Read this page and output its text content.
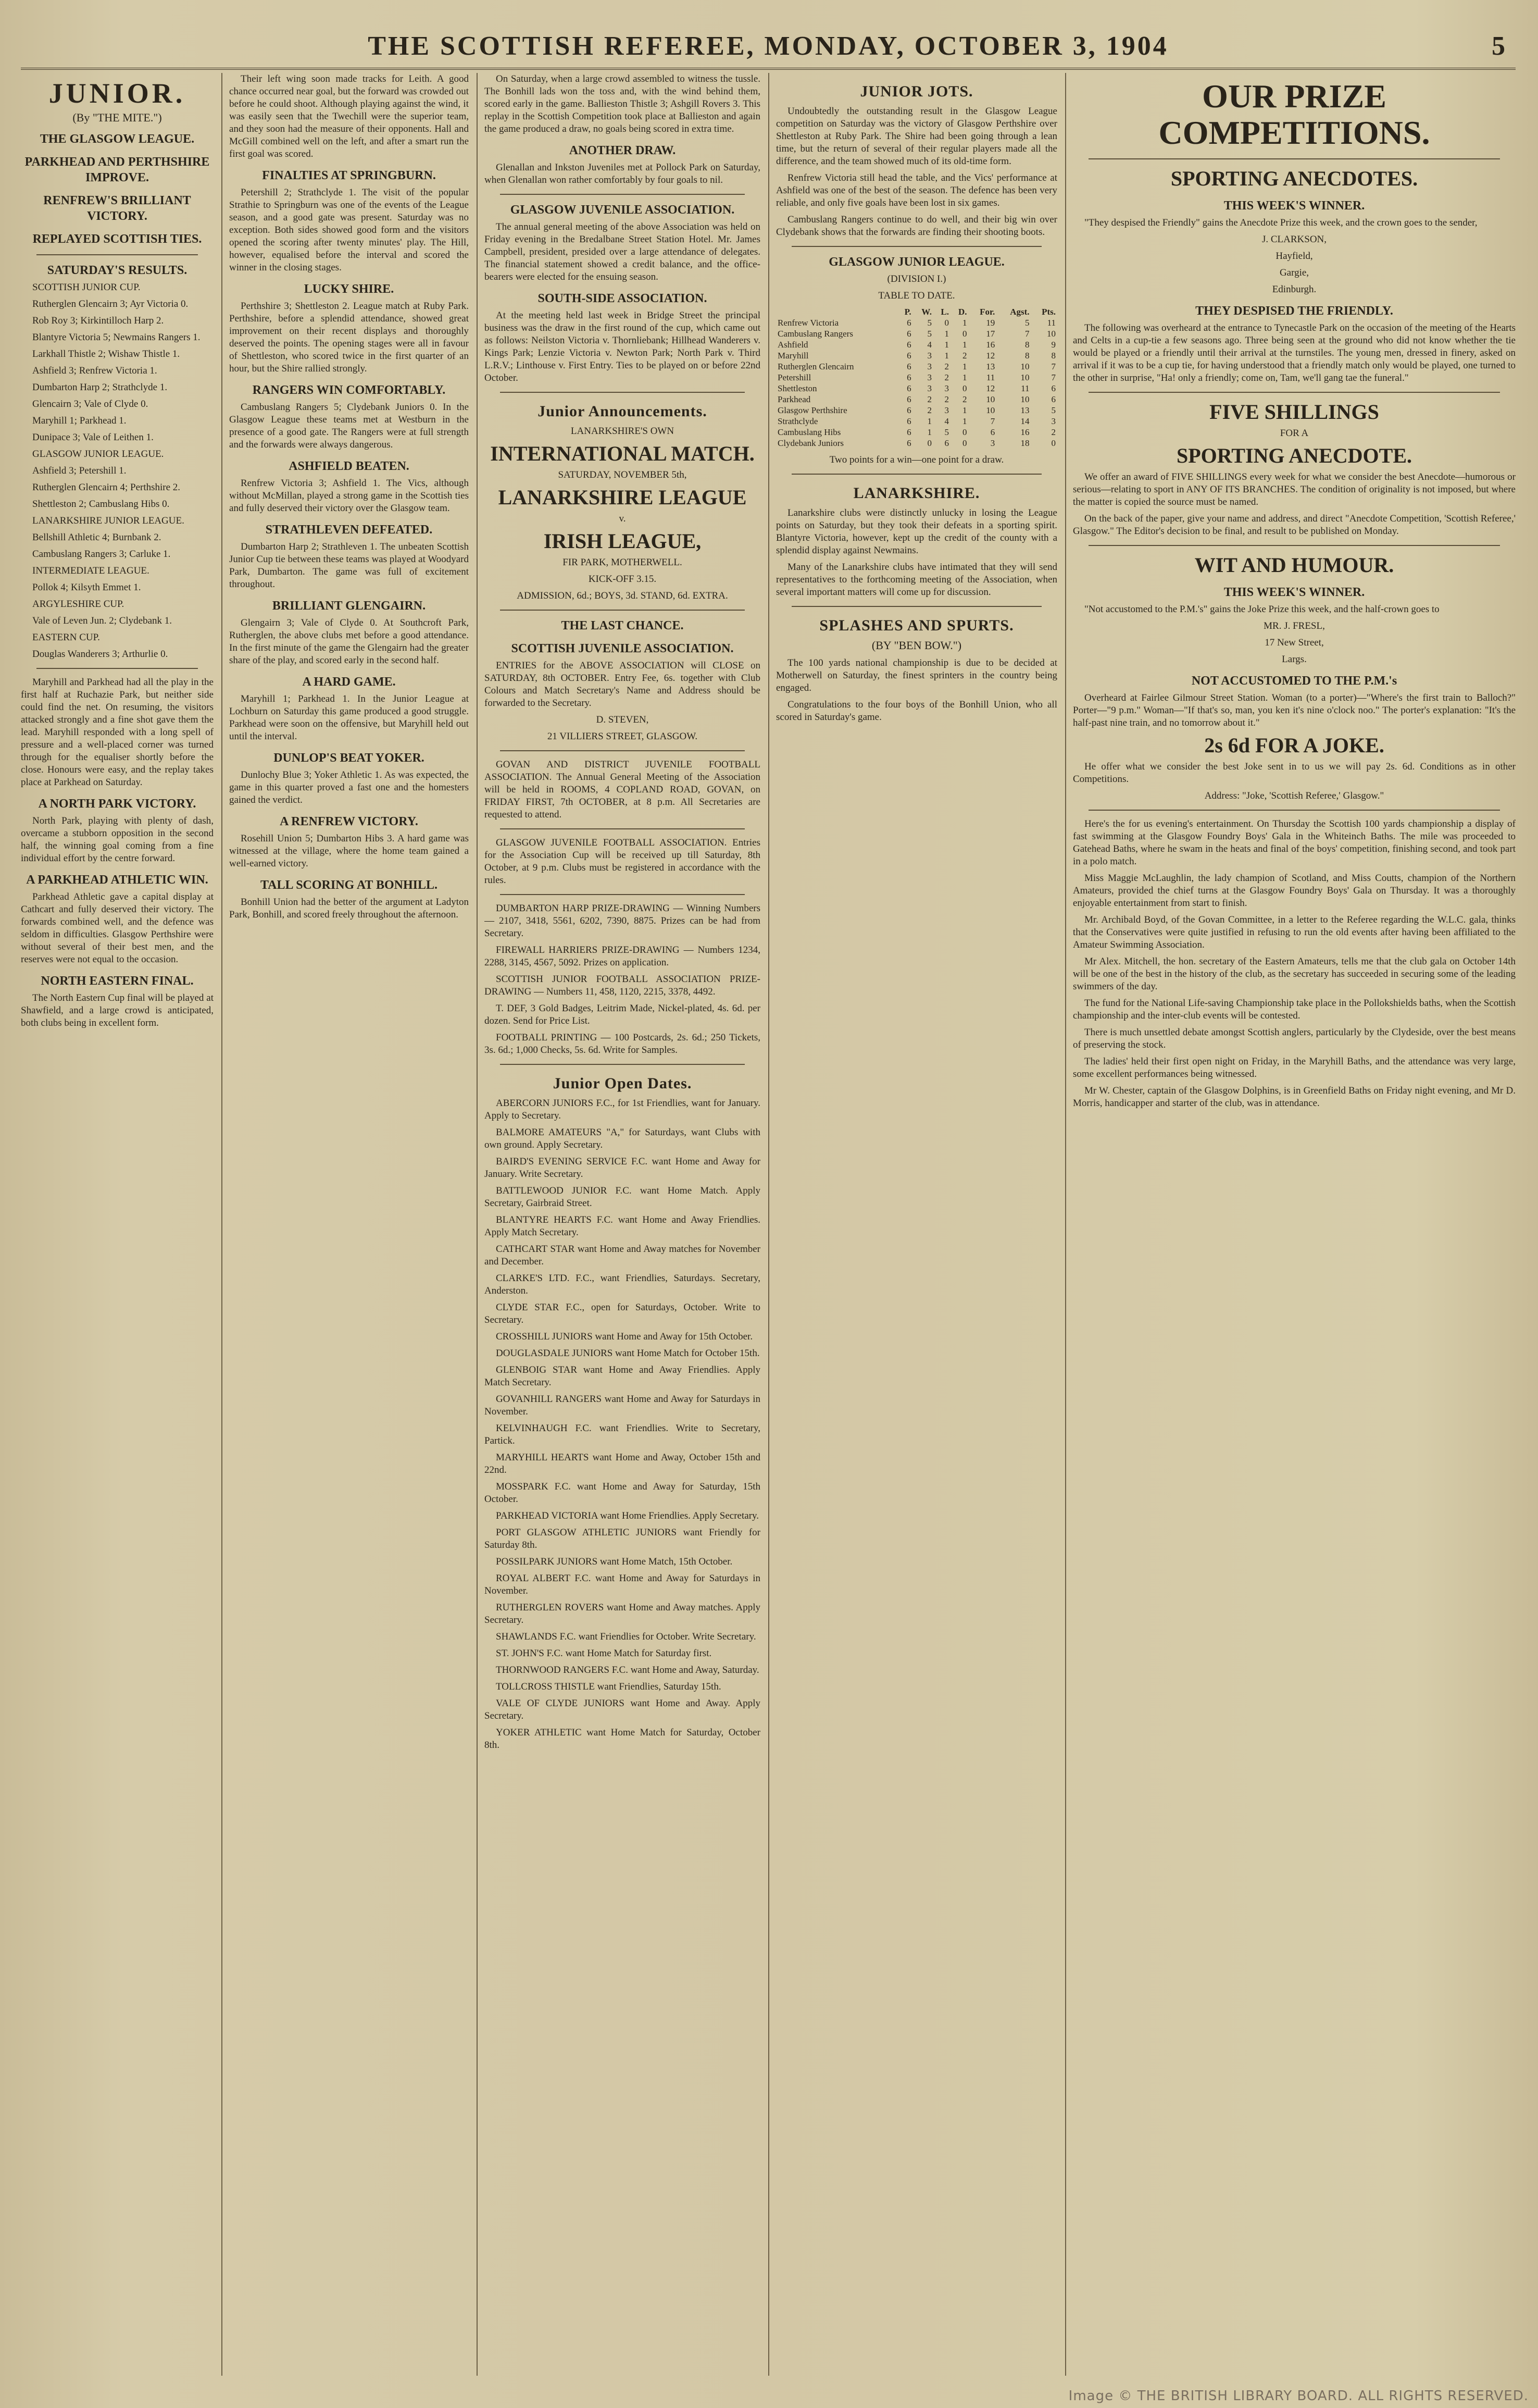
THE SCOTTISH REFEREE, MONDAY, OCTOBER 3, 1904	5
JUNIOR.
(By "THE MITE.")
THE GLASGOW LEAGUE.
PARKHEAD AND PERTHSHIRE IMPROVE.
RENFREW'S BRILLIANT VICTORY.
REPLAYED SCOTTISH TIES.
SATURDAY'S RESULTS.

SCOTTISH JUNIOR CUP.

Rutherglen Glencairn 3; Ayr Victoria 0.

Rob Roy 3; Kirkintilloch Harp 2.

Blantyre Victoria 5; Newmains Rangers 1.

Larkhall Thistle 2; Wishaw Thistle 1.

Ashfield 3; Renfrew Victoria 1.

Dumbarton Harp 2; Strathclyde 1.

Glencairn 3; Vale of Clyde 0.

Maryhill 1; Parkhead 1.

Dunipace 3; Vale of Leithen 1.

GLASGOW JUNIOR LEAGUE.

Ashfield 3; Petershill 1.

Rutherglen Glencairn 4; Perthshire 2.

Shettleston 2; Cambuslang Hibs 0.

LANARKSHIRE JUNIOR LEAGUE.

Bellshill Athletic 4; Burnbank 2.

Cambuslang Rangers 3; Carluke 1.

INTERMEDIATE LEAGUE.

Pollok 4; Kilsyth Emmet 1.

ARGYLESHIRE CUP.

Vale of Leven Jun. 2; Clydebank 1.

EASTERN CUP.

Douglas Wanderers 3; Arthurlie 0.

Maryhill and Parkhead had all the play in the first half at Ruchazie Park, but neither side could find the net. On resuming, the visitors attacked strongly and a fine shot gave them the lead. Maryhill responded with a long spell of pressure and a well-placed corner was turned through for the equaliser shortly before the close. Honours were easy, and the replay takes place at Parkhead on Saturday.

A NORTH PARK VICTORY.

North Park, playing with plenty of dash, overcame a stubborn opposition in the second half, the winning goal coming from a fine individual effort by the centre forward.

A PARKHEAD ATHLETIC WIN.

Parkhead Athletic gave a capital display at Cathcart and fully deserved their victory. The forwards combined well, and the defence was seldom in difficulties. Glasgow Perthshire were without several of their best men, and the reserves were not equal to the occasion.

NORTH EASTERN FINAL.

The North Eastern Cup final will be played at Shawfield, and a large crowd is anticipated, both clubs being in excellent form.

Their left wing soon made tracks for Leith. A good chance occurred near goal, but the forward was crowded out before he could shoot. Although playing against the wind, it was easily seen that the Twechill were the superior team, and they soon had the measure of their opponents. Hall and McGill combined well on the left, and after a smart run the first goal was scored.

FINALTIES AT SPRINGBURN.

Petershill 2; Strathclyde 1. The visit of the popular Strathie to Springburn was one of the events of the League season, and a good gate was present. Saturday was no exception. Both sides showed good form and the visitors opened the scoring after twenty minutes' play. The Hill, however, equalised before the interval and scored the winner in the closing stages.

LUCKY SHIRE.

Perthshire 3; Shettleston 2. League match at Ruby Park. Perthshire, before a splendid attendance, showed great improvement on their recent displays and thoroughly deserved the points. The opening stages were all in favour of Shettleston, who scored twice in the first quarter of an hour, but the Shire rallied strongly.

RANGERS WIN COMFORTABLY.

Cambuslang Rangers 5; Clydebank Juniors 0. In the Glasgow League these teams met at Westburn in the presence of a good gate. The Rangers were at full strength and the forwards were always dangerous.

ASHFIELD BEATEN.

Renfrew Victoria 3; Ashfield 1. The Vics, although without McMillan, played a strong game in the Scottish ties and fully deserved their victory over the Glasgow team.

STRATHLEVEN DEFEATED.

Dumbarton Harp 2; Strathleven 1. The unbeaten Scottish Junior Cup tie between these teams was played at Woodyard Park, Dumbarton. The game was full of excitement throughout.

BRILLIANT GLENGAIRN.

Glengairn 3; Vale of Clyde 0. At Southcroft Park, Rutherglen, the above clubs met before a good attendance. In the first minute of the game the Glengairn had the greater share of the play, and scored early in the second half.

A HARD GAME.

Maryhill 1; Parkhead 1. In the Junior League at Lochburn on Saturday this game produced a good struggle. Parkhead were soon on the offensive, but Maryhill held out until the interval.

DUNLOP'S BEAT YOKER.

Dunlochy Blue 3; Yoker Athletic 1. As was expected, the game in this quarter proved a fast one and the homesters gained the verdict.

A RENFREW VICTORY.

Rosehill Union 5; Dumbarton Hibs 3. A hard game was witnessed at the village, where the home team gained a well-earned victory.

TALL SCORING AT BONHILL.

Bonhill Union had the better of the argument at Ladyton Park, Bonhill, and scored freely throughout the afternoon.

On Saturday, when a large crowd assembled to witness the tussle. The Bonhill lads won the toss and, with the wind behind them, scored early in the game. Ballieston Thistle 3; Ashgill Rovers 3. This replay in the Scottish Competition took place at Ballieston and again the game produced a draw, no goals being scored in extra time.

ANOTHER DRAW.

Glenallan and Inkston Juveniles met at Pollock Park on Saturday, when Glenallan won rather comfortably by four goals to nil.

GLASGOW JUVENILE ASSOCIATION.

The annual general meeting of the above Association was held on Friday evening in the Bredalbane Street Station Hotel. Mr. James Campbell, president, presided over a large attendance of delegates. The financial statement showed a credit balance, and the office-bearers were elected for the ensuing season.

SOUTH-SIDE ASSOCIATION.

At the meeting held last week in Bridge Street the principal business was the draw in the first round of the cup, which came out as follows: Neilston Victoria v. Thornliebank; Hillhead Wanderers v. Kings Park; Lenzie Victoria v. Newton Park; North Park v. Third L.R.V.; Linthouse v. First Entry. Ties to be played on or before 22nd October.

Junior Announcements.

LANARKSHIRE'S OWN

INTERNATIONAL MATCH.

SATURDAY, NOVEMBER 5th,

LANARKSHIRE LEAGUE

v.

IRISH LEAGUE,

FIR PARK, MOTHERWELL.

KICK-OFF 3.15.

ADMISSION, 6d.; BOYS, 3d. STAND, 6d. EXTRA.

THE LAST CHANCE.
SCOTTISH JUVENILE ASSOCIATION.

ENTRIES for the ABOVE ASSOCIATION will CLOSE on SATURDAY, 8th OCTOBER. Entry Fee, 6s. together with Club Colours and Match Secretary's Name and Address should be forwarded to the Secretary.

D. STEVEN,

21 VILLIERS STREET, GLASGOW.

GOVAN AND DISTRICT JUVENILE FOOTBALL ASSOCIATION. The Annual General Meeting of the Association will be held in ROOMS, 4 COPLAND ROAD, GOVAN, on FRIDAY FIRST, 7th OCTOBER, at 8 p.m. All Secretaries are requested to attend.

GLASGOW JUVENILE FOOTBALL ASSOCIATION. Entries for the Association Cup will be received up till Saturday, 8th October, at 9 p.m. Clubs must be registered in accordance with the rules.

DUMBARTON HARP PRIZE-DRAWING — Winning Numbers — 2107, 3418, 5561, 6202, 7390, 8875. Prizes can be had from Secretary.

FIREWALL HARRIERS PRIZE-DRAWING — Numbers 1234, 2288, 3145, 4567, 5092. Prizes on application.

SCOTTISH JUNIOR FOOTBALL ASSOCIATION PRIZE-DRAWING — Numbers 11, 458, 1120, 2215, 3378, 4492.

T. DEF, 3 Gold Badges, Leitrim Made, Nickel-plated, 4s. 6d. per dozen. Send for Price List.

FOOTBALL PRINTING — 100 Postcards, 2s. 6d.; 250 Tickets, 3s. 6d.; 1,000 Checks, 5s. 6d. Write for Samples.

Junior Open Dates.

ABERCORN JUNIORS F.C., for 1st Friendlies, want for January. Apply to Secretary.

BALMORE AMATEURS "A," for Saturdays, want Clubs with own ground. Apply Secretary.

BAIRD'S EVENING SERVICE F.C. want Home and Away for January. Write Secretary.

BATTLEWOOD JUNIOR F.C. want Home Match. Apply Secretary, Gairbraid Street.

BLANTYRE HEARTS F.C. want Home and Away Friendlies. Apply Match Secretary.

CATHCART STAR want Home and Away matches for November and December.

CLARKE'S LTD. F.C., want Friendlies, Saturdays. Secretary, Anderston.

CLYDE STAR F.C., open for Saturdays, October. Write to Secretary.

CROSSHILL JUNIORS want Home and Away for 15th October.

DOUGLASDALE JUNIORS want Home Match for October 15th.

GLENBOIG STAR want Home and Away Friendlies. Apply Match Secretary.

GOVANHILL RANGERS want Home and Away for Saturdays in November.

KELVINHAUGH F.C. want Friendlies. Write to Secretary, Partick.

MARYHILL HEARTS want Home and Away, October 15th and 22nd.

MOSSPARK F.C. want Home and Away for Saturday, 15th October.

PARKHEAD VICTORIA want Home Friendlies. Apply Secretary.

PORT GLASGOW ATHLETIC JUNIORS want Friendly for Saturday 8th.

POSSILPARK JUNIORS want Home Match, 15th October.

ROYAL ALBERT F.C. want Home and Away for Saturdays in November.

RUTHERGLEN ROVERS want Home and Away matches. Apply Secretary.

SHAWLANDS F.C. want Friendlies for October. Write Secretary.

ST. JOHN'S F.C. want Home Match for Saturday first.

THORNWOOD RANGERS F.C. want Home and Away, Saturday.

TOLLCROSS THISTLE want Friendlies, Saturday 15th.

VALE OF CLYDE JUNIORS want Home and Away. Apply Secretary.

YOKER ATHLETIC want Home Match for Saturday, October 8th.

JUNIOR JOTS.

Undoubtedly the outstanding result in the Glasgow League competition on Saturday was the victory of Glasgow Perthshire over Shettleston at Ruby Park. The Shire had been going through a lean time, but the return of several of their regular players made all the difference, and the team showed much of its old-time form.

Renfrew Victoria still head the table, and the Vics' performance at Ashfield was one of the best of the season. The defence has been very reliable, and only five goals have been lost in six games.

Cambuslang Rangers continue to do well, and their big win over Clydebank shows that the forwards are finding their shooting boots.

GLASGOW JUNIOR LEAGUE.

(DIVISION I.)

TABLE TO DATE.

	P.	W.	L.	D.	For.	Agst.	Pts.
Renfrew Victoria	6	5	0	1	19	5	11
Cambuslang Rangers	6	5	1	0	17	7	10
Ashfield	6	4	1	1	16	8	9
Maryhill	6	3	1	2	12	8	8
Rutherglen Glencairn	6	3	2	1	13	10	7
Petershill	6	3	2	1	11	10	7
Shettleston	6	3	3	0	12	11	6
Parkhead	6	2	2	2	10	10	6
Glasgow Perthshire	6	2	3	1	10	13	5
Strathclyde	6	1	4	1	7	14	3
Cambuslang Hibs	6	1	5	0	6	16	2
Clydebank Juniors	6	0	6	0	3	18	0

Two points for a win—one point for a draw.

LANARKSHIRE.

Lanarkshire clubs were distinctly unlucky in losing the League points on Saturday, but they took their defeats in a sporting spirit. Blantyre Victoria, however, kept up the credit of the county with a splendid display against Newmains.

Many of the Lanarkshire clubs have intimated that they will send representatives to the forthcoming meeting of the Association, when several important matters will come up for discussion.

SPLASHES AND SPURTS.
(BY "BEN BOW.")

The 100 yards national championship is due to be decided at Motherwell on Saturday, the finest sprinters in the country being engaged.

Congratulations to the four boys of the Bonhill Union, who all scored in Saturday's game.

OUR PRIZE COMPETITIONS.
SPORTING ANECDOTES.
THIS WEEK'S WINNER.

"They despised the Friendly" gains the Anecdote Prize this week, and the crown goes to the sender,

J. CLARKSON,

Hayfield,

Gargie,

Edinburgh.

THEY DESPISED THE FRIENDLY.

The following was overheard at the entrance to Tynecastle Park on the occasion of the meeting of the Hearts and Celts in a cup-tie a few seasons ago. Three being seen at the ground who did not know whether the tie would be played or a friendly until their arrival at the turnstiles. The young men, dressed in finery, asked on arrival if it was to be a cup tie, for having understood that a friendly match only would be played, one turned to the other in surprise, "Ha! only a friendly; come on, Tam, we'll gang tae the funeral."

FIVE SHILLINGS

FOR A

SPORTING ANECDOTE.

We offer an award of FIVE SHILLINGS every week for what we consider the best Anecdote—humorous or serious—relating to sport in ANY OF ITS BRANCHES. The condition of originality is not imposed, but where the matter is copied the source must be named.

On the back of the paper, give your name and address, and direct "Anecdote Competition, 'Scottish Referee,' Glasgow." The Editor's decision to be final, and result to be published on Monday.

WIT AND HUMOUR.
THIS WEEK'S WINNER.

"Not accustomed to the P.M.'s" gains the Joke Prize this week, and the half-crown goes to

MR. J. FRESL,

17 New Street,

Largs.

NOT ACCUSTOMED TO THE P.M.'s

Overheard at Fairlee Gilmour Street Station. Woman (to a porter)—"Where's the first train to Balloch?" Porter—"9 p.m." Woman—"If that's so, man, you ken it's nine o'clock noo." The porter's explanation: "It's the half-past nine train, and no tomorrow about it."

2s 6d FOR A JOKE.

He offer what we consider the best Joke sent in to us we will pay 2s. 6d. Conditions as in other Competitions.

Address: "Joke, 'Scottish Referee,' Glasgow."

Here's the for us evening's entertainment. On Thursday the Scottish 100 yards championship a display of fast swimming at the Glasgow Foundry Boys' Gala in the Whiteinch Baths. The mile was proceeded to Gatehead Baths, where he swam in the heats and final of the boys' competition, finishing second, and took part in a polo match.

Miss Maggie McLaughlin, the lady champion of Scotland, and Miss Coutts, champion of the Northern Amateurs, provided the chief turns at the Glasgow Foundry Boys' Gala on Thursday. It was a thoroughly enjoyable entertainment from start to finish.

Mr. Archibald Boyd, of the Govan Committee, in a letter to the Referee regarding the W.L.C. gala, thinks that the Conservatives were quite justified in refusing to run the old events after having been affiliated to the Amateur Swimming Association.

Mr Alex. Mitchell, the hon. secretary of the Eastern Amateurs, tells me that the club gala on October 14th will be one of the best in the history of the club, as the secretary has succeeded in securing some of the leading swimmers of the day.

The fund for the National Life-saving Championship take place in the Pollokshields baths, when the Scottish championship and the inter-club events will be contested.

There is much unsettled debate amongst Scottish anglers, particularly by the Clydeside, over the best means of preserving the stock.

The ladies' held their first open night on Friday, in the Maryhill Baths, and the attendance was very large, some excellent performances being witnessed.

Mr W. Chester, captain of the Glasgow Dolphins, is in Greenfield Baths on Friday night evening, and Mr D. Morris, handicapper and starter of the club, was in attendance.

Image © THE BRITISH LIBRARY BOARD. ALL RIGHTS RESERVED.
